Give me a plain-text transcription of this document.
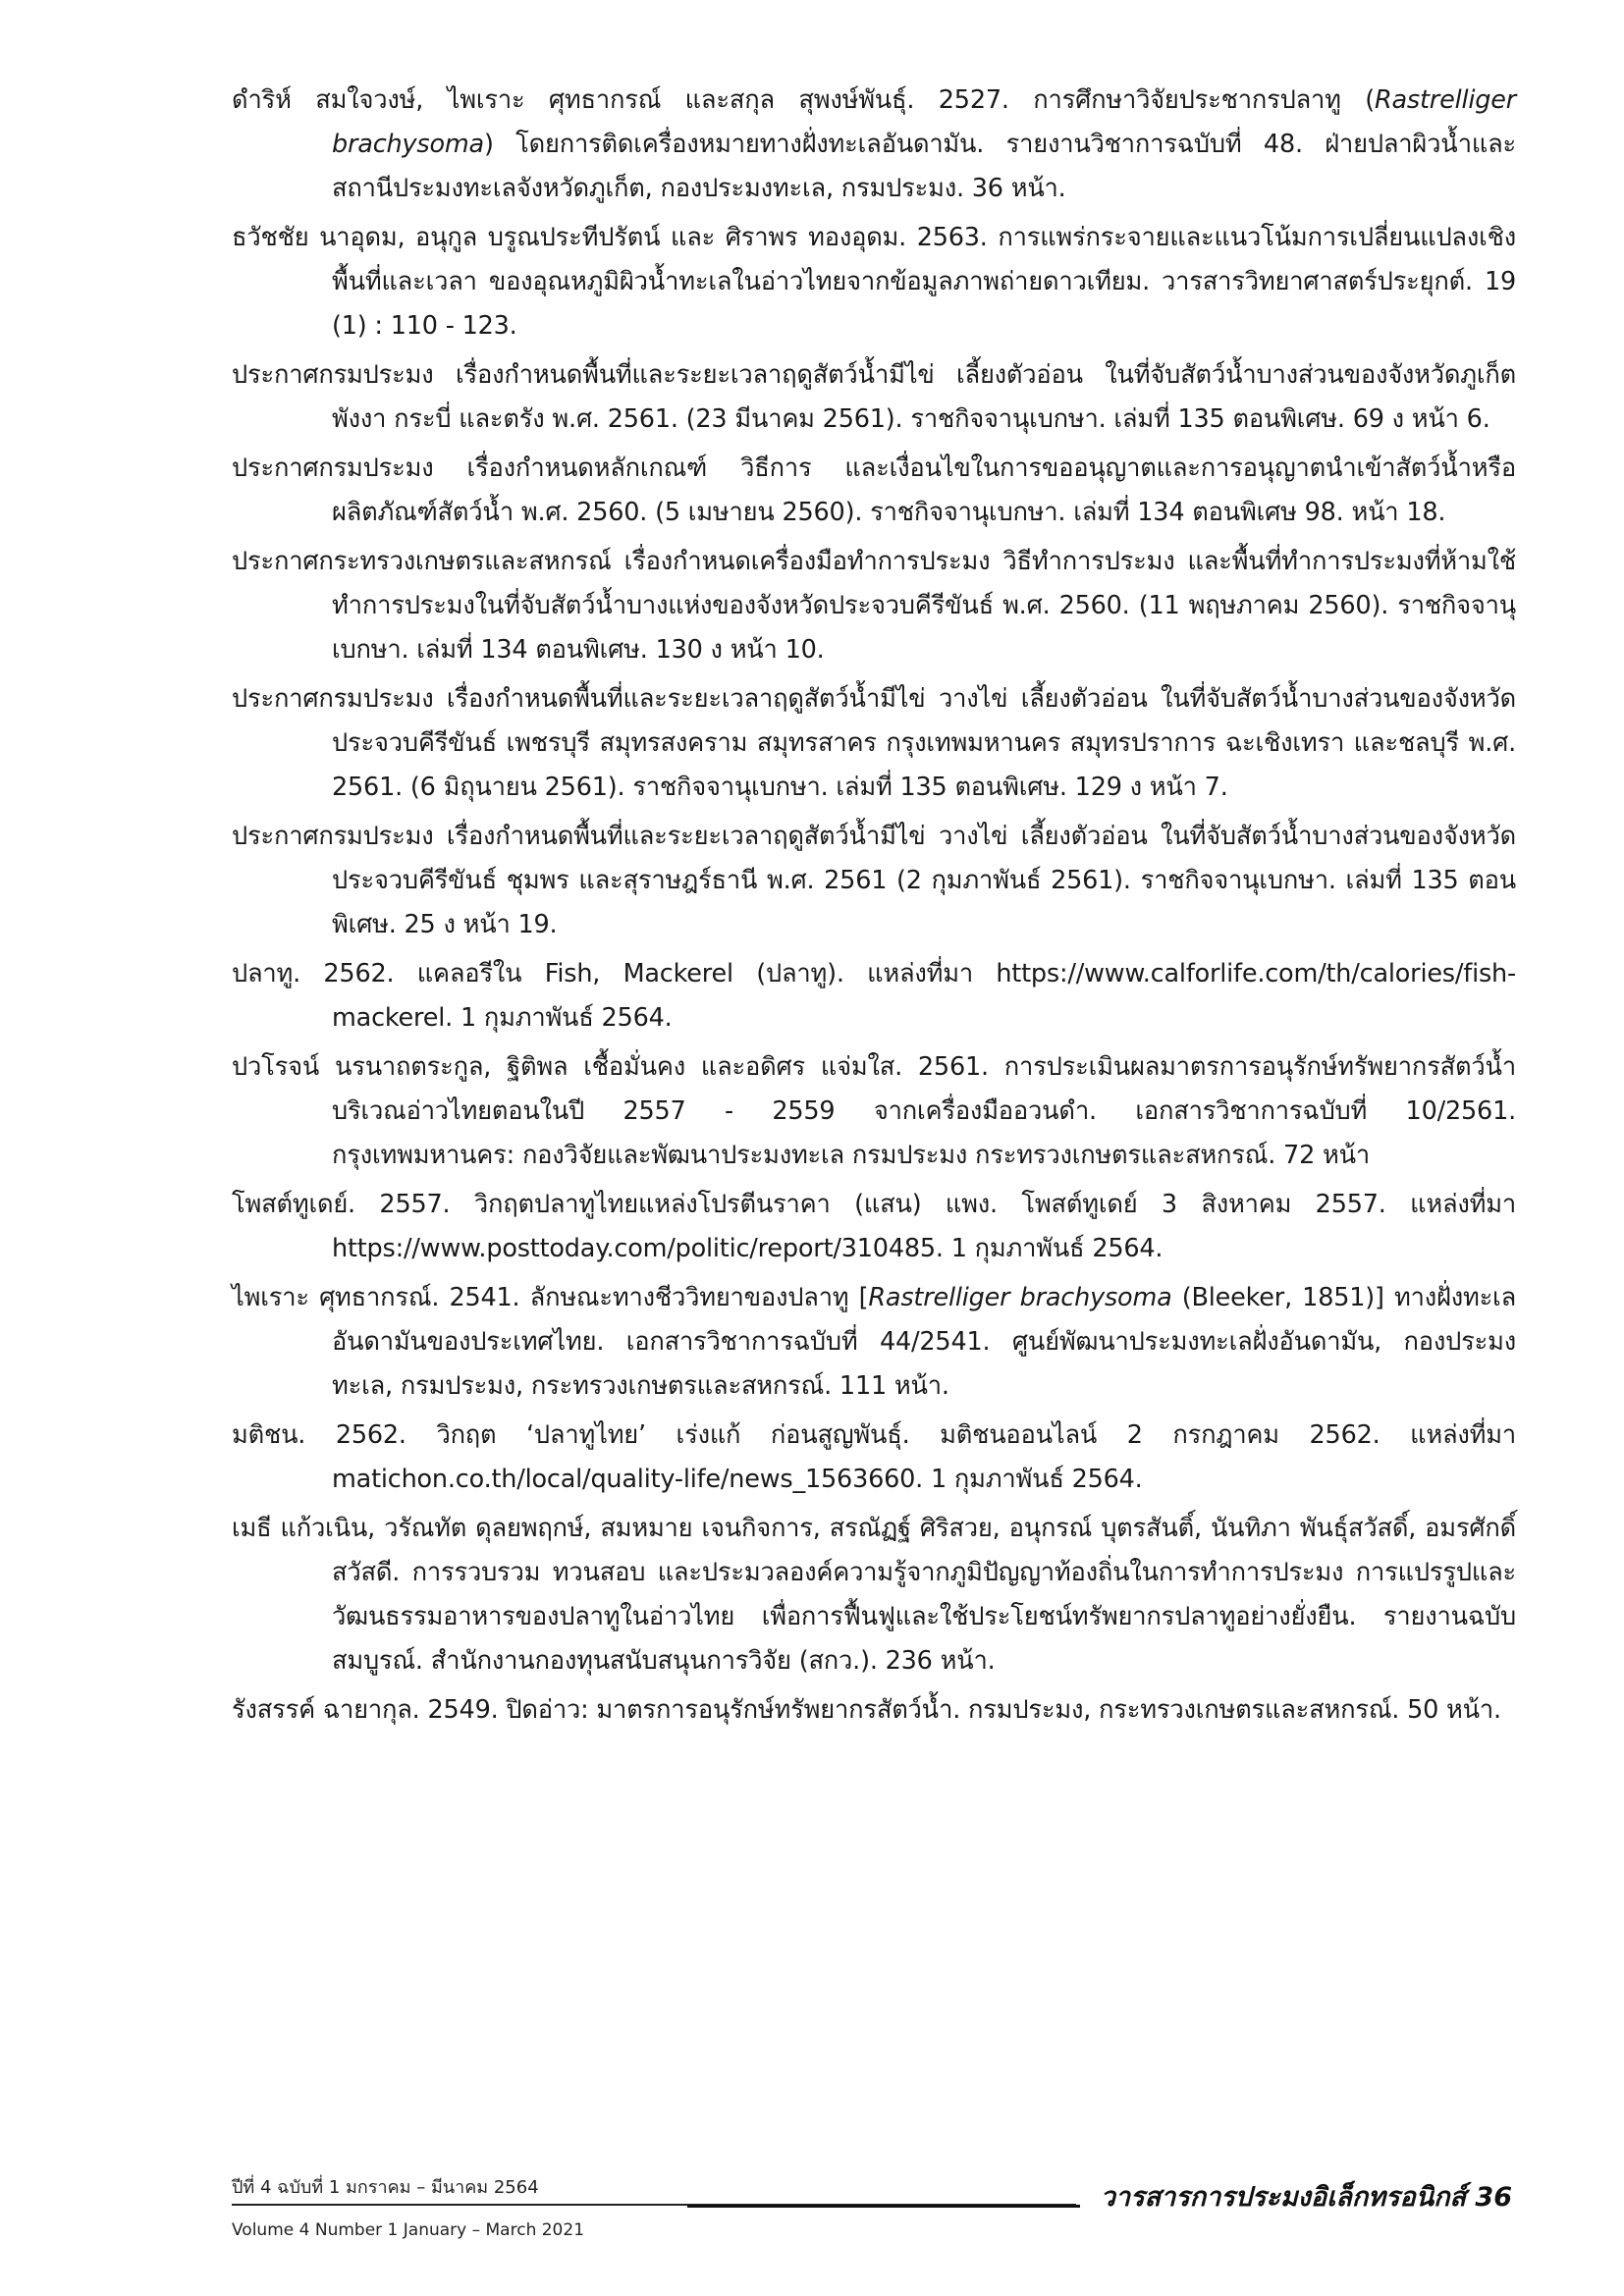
ดำริห์ สมใจวงษ์, ไพเราะ ศุทธากรณ์ และสกุล สุพงษ์พันธุ์. 2527. การศึกษาวิจัยประชากรปลาทู (Rastrelliger brachysoma) โดยการติดเครื่องหมายทางฝั่งทะเลอันดามัน. รายงานวิชาการฉบับที่ 48. ฝ่ายปลาผิวน้ำและสถานีประมงทะเลจังหวัดภูเก็ต, กองประมงทะเล, กรมประมง. 36 หน้า.

ธวัชชัย นาอุดม, อนุกูล บรูณประทีปรัตน์ และ ศิราพร ทองอุดม. 2563. การแพร่กระจายและแนวโน้มการเปลี่ยนแปลงเชิงพื้นที่และเวลา ของอุณหภูมิผิวน้ำทะเลในอ่าวไทยจากข้อมูลภาพถ่ายดาวเทียม. วารสารวิทยาศาสตร์ประยุกต์. 19 (1) : 110 - 123.

ประกาศกรมประมง เรื่องกำหนดพื้นที่และระยะเวลาฤดูสัตว์น้ำมีไข่ เลี้ยงตัวอ่อน ในที่จับสัตว์น้ำบางส่วนของจังหวัดภูเก็ต พังงา กระบี่ และตรัง พ.ศ. 2561. (23 มีนาคม 2561). ราชกิจจานุเบกษา. เล่มที่ 135 ตอนพิเศษ. 69 ง หน้า 6.

ประกาศกรมประมง เรื่องกำหนดหลักเกณฑ์ วิธีการ และเงื่อนไขในการขออนุญาตและการอนุญาตนำเข้าสัตว์น้ำหรือผลิตภัณฑ์สัตว์น้ำ พ.ศ. 2560. (5 เมษายน 2560). ราชกิจจานุเบกษา. เล่มที่ 134 ตอนพิเศษ 98. หน้า 18.

ประกาศกระทรวงเกษตรและสหกรณ์ เรื่องกำหนดเครื่องมือทำการประมง วิธีทำการประมง และพื้นที่ทำการประมงที่ห้ามใช้ทำการประมงในที่จับสัตว์น้ำบางแห่งของจังหวัดประจวบคีรีขันธ์ พ.ศ. 2560. (11 พฤษภาคม 2560). ราชกิจจานุเบกษา. เล่มที่ 134 ตอนพิเศษ. 130 ง หน้า 10.

ประกาศกรมประมง เรื่องกำหนดพื้นที่และระยะเวลาฤดูสัตว์น้ำมีไข่ วางไข่ เลี้ยงตัวอ่อน ในที่จับสัตว์น้ำบางส่วนของจังหวัดประจวบคีรีขันธ์ เพชรบุรี สมุทรสงคราม สมุทรสาคร กรุงเทพมหานคร สมุทรปราการ ฉะเชิงเทรา และชลบุรี พ.ศ. 2561. (6 มิถุนายน 2561). ราชกิจจานุเบกษา. เล่มที่ 135 ตอนพิเศษ. 129 ง หน้า 7.

ประกาศกรมประมง เรื่องกำหนดพื้นที่และระยะเวลาฤดูสัตว์น้ำมีไข่ วางไข่ เลี้ยงตัวอ่อน ในที่จับสัตว์น้ำบางส่วนของจังหวัดประจวบคีรีขันธ์ ชุมพร และสุราษฎร์ธานี พ.ศ. 2561 (2 กุมภาพันธ์ 2561). ราชกิจจานุเบกษา. เล่มที่ 135 ตอนพิเศษ. 25 ง หน้า 19.

ปลาทู. 2562. แคลอรีใน Fish, Mackerel (ปลาทู). แหล่งที่มา https://www.calforlife.com/th/calories/fish-mackerel. 1 กุมภาพันธ์ 2564.

ปวโรจน์ นรนาถตระกูล, ฐิติพล เชื้อมั่นคง และอดิศร แจ่มใส. 2561. การประเมินผลมาตรการอนุรักษ์ทรัพยากรสัตว์น้ำบริเวณอ่าวไทยตอนในปี 2557 - 2559 จากเครื่องมืออวนดำ. เอกสารวิชาการฉบับที่ 10/2561. กรุงเทพมหานคร: กองวิจัยและพัฒนาประมงทะเล กรมประมง กระทรวงเกษตรและสหกรณ์. 72 หน้า

โพสต์ทูเดย์. 2557. วิกฤตปลาทูไทยแหล่งโปรตีนราคา (แสน) แพง. โพสต์ทูเดย์ 3 สิงหาคม 2557. แหล่งที่มา https://www.posttoday.com/politic/report/310485. 1 กุมภาพันธ์ 2564.

ไพเราะ ศุทธากรณ์. 2541. ลักษณะทางชีววิทยาของปลาทู [Rastrelliger brachysoma (Bleeker, 1851)] ทางฝั่งทะเลอันดามันของประเทศไทย. เอกสารวิชาการฉบับที่ 44/2541. ศูนย์พัฒนาประมงทะเลฝั่งอันดามัน, กองประมงทะเล, กรมประมง, กระทรวงเกษตรและสหกรณ์. 111 หน้า.

มติชน. 2562. วิกฤต ‘ปลาทูไทย’ เร่งแก้ ก่อนสูญพันธุ์. มติชนออนไลน์ 2 กรกฎาคม 2562. แหล่งที่มา matichon.co.th/local/quality-life/news_1563660. 1 กุมภาพันธ์ 2564.

เมธี แก้วเนิน, วรัณทัต ดุลยพฤกษ์, สมหมาย เจนกิจการ, สรณัฏฐ์ ศิริสวย, อนุกรณ์ บุตรสันติ์, นันทิภา พันธุ์สวัสดิ์, อมรศักดิ์ สวัสดี. การรวบรวม ทวนสอบ และประมวลองค์ความรู้จากภูมิปัญญาท้องถิ่นในการทำการประมง การแปรรูปและวัฒนธรรมอาหารของปลาทูในอ่าวไทย เพื่อการฟื้นฟูและใช้ประโยชน์ทรัพยากรปลาทูอย่างยั่งยืน. รายงานฉบับสมบูรณ์. สำนักงานกองทุนสนับสนุนการวิจัย (สกว.). 236 หน้า.

รังสรรค์ ฉายากุล. 2549. ปิดอ่าว: มาตรการอนุรักษ์ทรัพยากรสัตว์น้ำ. กรมประมง, กระทรวงเกษตรและสหกรณ์. 50 หน้า.

ปีที่ 4 ฉบับที่ 1 มกราคม – มีนาคม 2564
Volume 4 Number 1 January – March 2021
วารสารการประมงอิเล็กทรอนิกส์ 36
